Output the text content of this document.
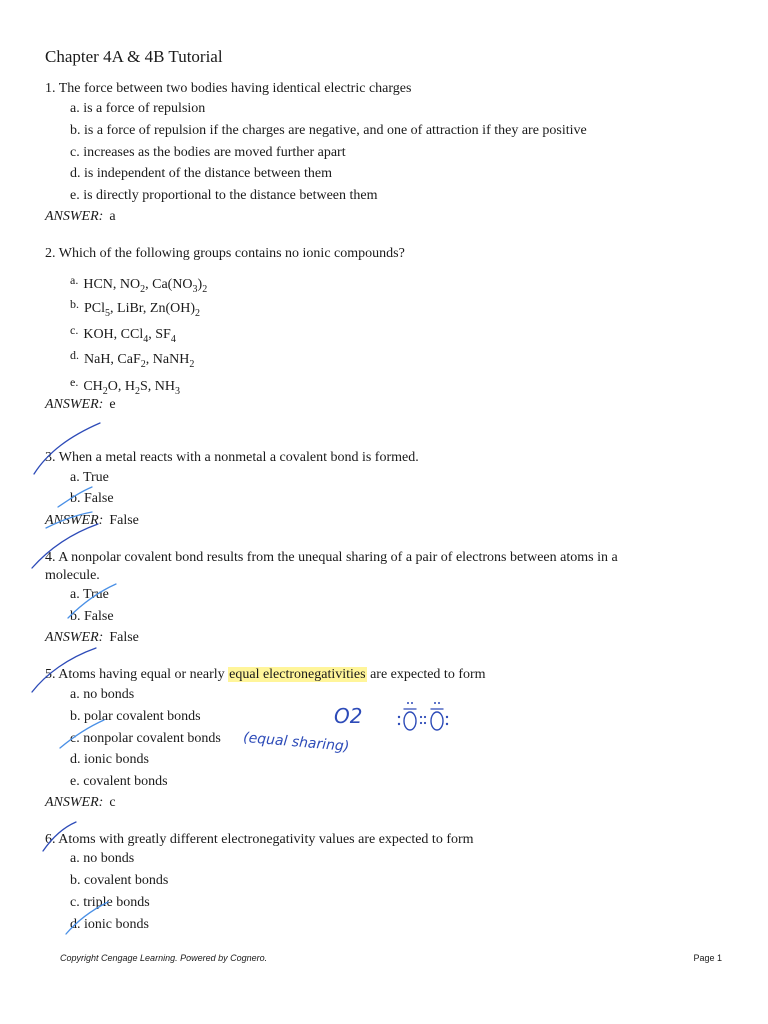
Chapter 4A & 4B Tutorial
1. The force between two bodies having identical electric charges
a. is a force of repulsion
b. is a force of repulsion if the charges are negative, and one of attraction if they are positive
c. increases as the bodies are moved further apart
d. is independent of the distance between them
e. is directly proportional to the distance between them
ANSWER: a
2. Which of the following groups contains no ionic compounds?
a. HCN, $NO_2$, $Ca(NO_3)_2$
b. PCl$_5$, LiBr, $Zn(OH)_2$
c. KOH, CCl$_4$, $SF_4$
d. NaH, CaF$_2$, NaNH$_2$
e. $CH_2O$, $H_2S$, $NH_3$
ANSWER: e
3. When a metal reacts with a nonmetal a covalent bond is formed.
a. True
b. False
ANSWER: False
4. A nonpolar covalent bond results from the unequal sharing of a pair of electrons between atoms in a
molecule.
a. True
b. False
ANSWER: False
5. Atoms having equal or nearly equal electronegativities are expected to form
a. no bonds
b. polar covalent bonds
c. nonpolar covalent bonds
d. ionic bonds
e. covalent bonds
ANSWER: c
6. Atoms with greatly different electronegativity values are expected to form
a. no bonds
b. covalent bonds
c. triple bonds
d. ionic bonds
Copyright Cengage Learning. Powered by Cognero.	Page 1
(equal sharing)
O2
